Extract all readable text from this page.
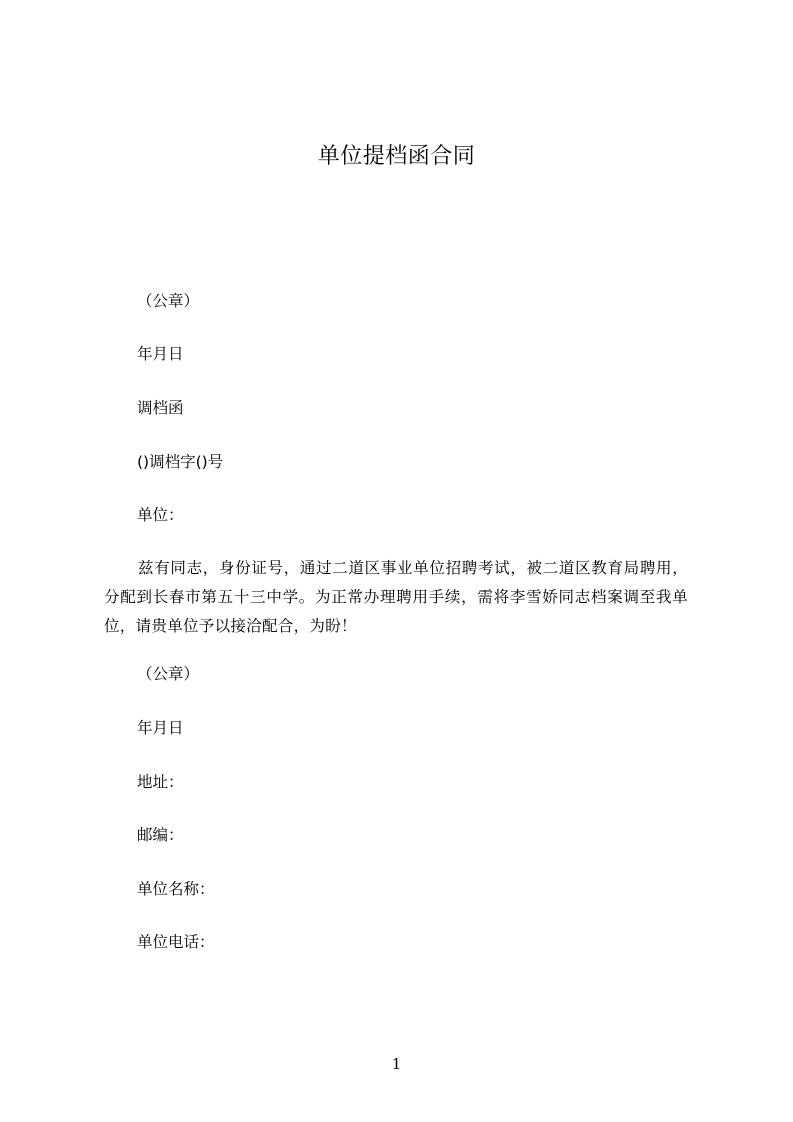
单位提档函合同
（公章）
年月日
调档函
()调档字()号
单位：
兹有同志，身份证号，通过二道区事业单位招聘考试，被二道区教育局聘用，分配到长春市第五十三中学。为正常办理聘用手续，需将李雪娇同志档案调至我单位，请贵单位予以接洽配合，为盼！
（公章）
年月日
地址：
邮编：
单位名称：
单位电话：
1
